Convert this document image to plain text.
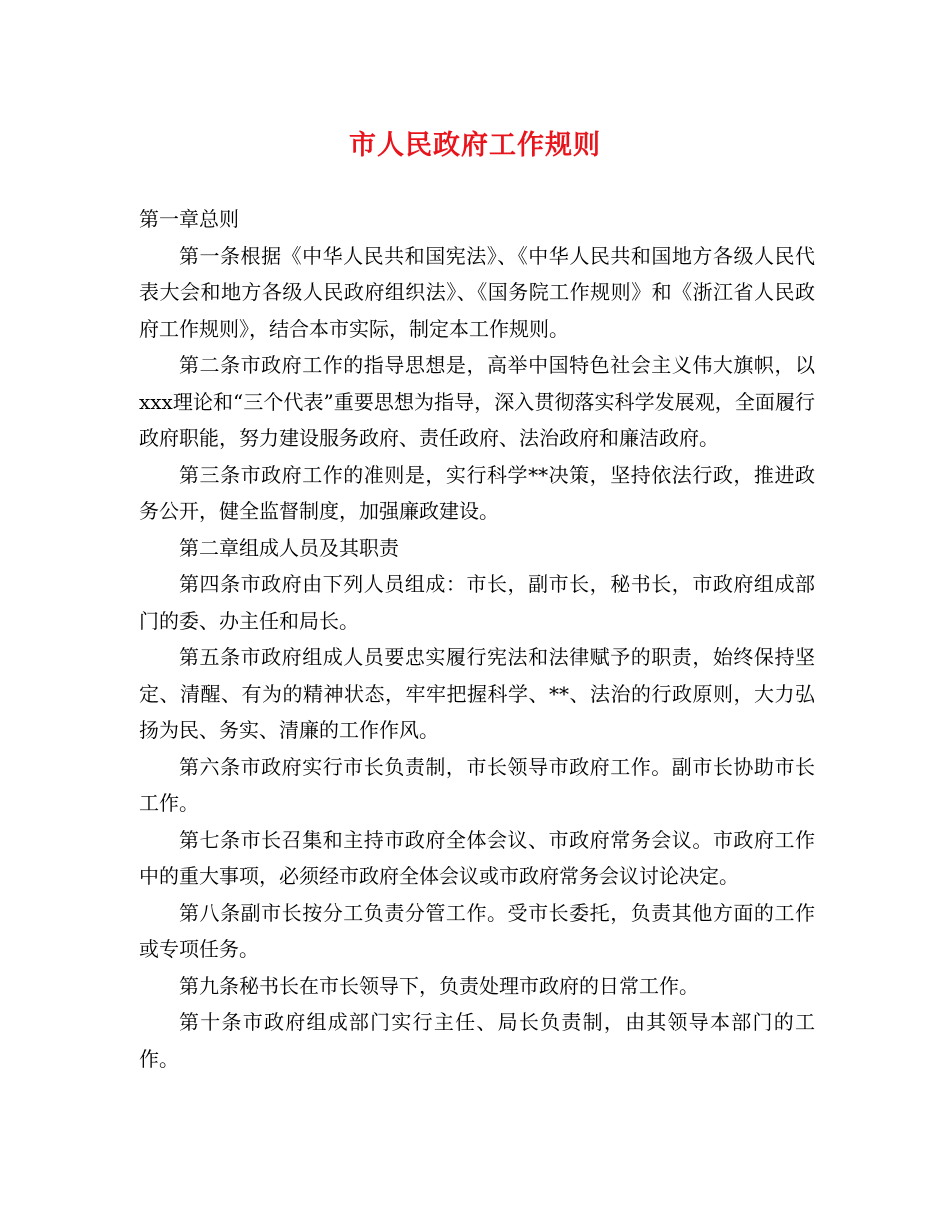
市人民政府工作规则

第一章总则

第一条根据《中华人民共和国宪法》、《中华人民共和国地方各级人民代表大会和地方各级人民政府组织法》、《国务院工作规则》和《浙江省人民政府工作规则》，结合本市实际，制定本工作规则。

第二条市政府工作的指导思想是，高举中国特色社会主义伟大旗帜，以xxx理论和“三个代表”重要思想为指导，深入贯彻落实科学发展观，全面履行政府职能，努力建设服务政府、责任政府、法治政府和廉洁政府。

第三条市政府工作的准则是，实行科学**决策，坚持依法行政，推进政务公开，健全监督制度，加强廉政建设。

第二章组成人员及其职责

第四条市政府由下列人员组成：市长，副市长，秘书长，市政府组成部门的委、办主任和局长。

第五条市政府组成人员要忠实履行宪法和法律赋予的职责，始终保持坚定、清醒、有为的精神状态，牢牢把握科学、**、法治的行政原则，大力弘扬为民、务实、清廉的工作作风。

第六条市政府实行市长负责制，市长领导市政府工作。副市长协助市长工作。

第七条市长召集和主持市政府全体会议、市政府常务会议。市政府工作中的重大事项，必须经市政府全体会议或市政府常务会议讨论决定。

第八条副市长按分工负责分管工作。受市长委托，负责其他方面的工作或专项任务。

第九条秘书长在市长领导下，负责处理市政府的日常工作。

第十条市政府组成部门实行主任、局长负责制，由其领导本部门的工作。
